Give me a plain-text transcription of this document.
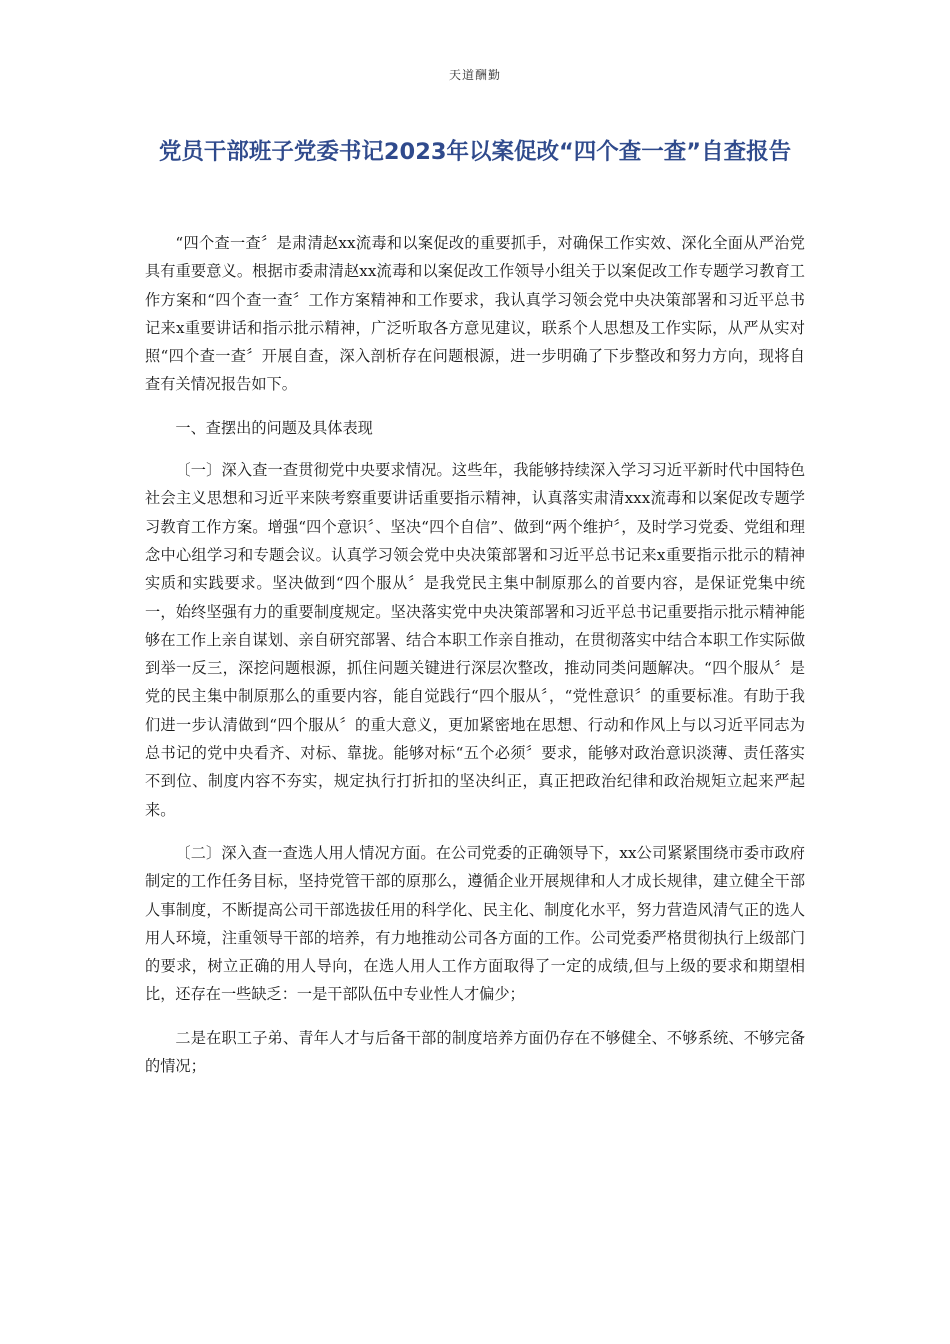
天道酬勤
党员干部班子党委书记2023年以案促改“四个查一查”自查报告

“四个查一查〞是肃清赵xx流毒和以案促改的重要抓手，对确保工作实效、深化全面从严治党具有重要意义。根据市委肃清赵xx流毒和以案促改工作领导小组关于以案促改工作专题学习教育工作方案和“四个查一查〞工作方案精神和工作要求，我认真学习领会党中央决策部署和习近平总书记来x重要讲话和指示批示精神，广泛听取各方意见建议，联系个人思想及工作实际，从严从实对照“四个查一查〞开展自查，深入剖析存在问题根源，进一步明确了下步整改和努力方向，现将自查有关情况报告如下。

一、查摆出的问题及具体表现

〔一〕深入查一查贯彻党中央要求情况。这些年，我能够持续深入学习习近平新时代中国特色社会主义思想和习近平来陕考察重要讲话重要指示精神，认真落实肃清xxx流毒和以案促改专题学习教育工作方案。增强“四个意识〞、坚决“四个自信”、做到“两个维护〞，及时学习党委、党组和理念中心组学习和专题会议。认真学习领会党中央决策部署和习近平总书记来x重要指示批示的精神实质和实践要求。坚决做到“四个服从〞是我党民主集中制原那么的首要内容，是保证党集中统一，始终坚强有力的重要制度规定。坚决落实党中央决策部署和习近平总书记重要指示批示精神能够在工作上亲自谋划、亲自研究部署、结合本职工作亲自推动，在贯彻落实中结合本职工作实际做到举一反三，深挖问题根源，抓住问题关键进行深层次整改，推动同类问题解决。“四个服从〞是党的民主集中制原那么的重要内容，能自觉践行“四个服从〞，“党性意识〞的重要标准。有助于我们进一步认清做到“四个服从〞的重大意义，更加紧密地在思想、行动和作风上与以习近平同志为总书记的党中央看齐、对标、靠拢。能够对标“五个必须〞要求，能够对政治意识淡薄、责任落实不到位、制度内容不夯实，规定执行打折扣的坚决纠正，真正把政治纪律和政治规矩立起来严起来。

〔二〕深入查一查选人用人情况方面。在公司党委的正确领导下，xx公司紧紧围绕市委市政府制定的工作任务目标，坚持党管干部的原那么，遵循企业开展规律和人才成长规律，建立健全干部人事制度，不断提高公司干部选拔任用的科学化、民主化、制度化水平，努力营造风清气正的选人用人环境，注重领导干部的培养，有力地推动公司各方面的工作。公司党委严格贯彻执行上级部门的要求，树立正确的用人导向，在选人用人工作方面取得了一定的成绩,但与上级的要求和期望相比，还存在一些缺乏：一是干部队伍中专业性人才偏少；

二是在职工子弟、青年人才与后备干部的制度培养方面仍存在不够健全、不够系统、不够完备的情况；
